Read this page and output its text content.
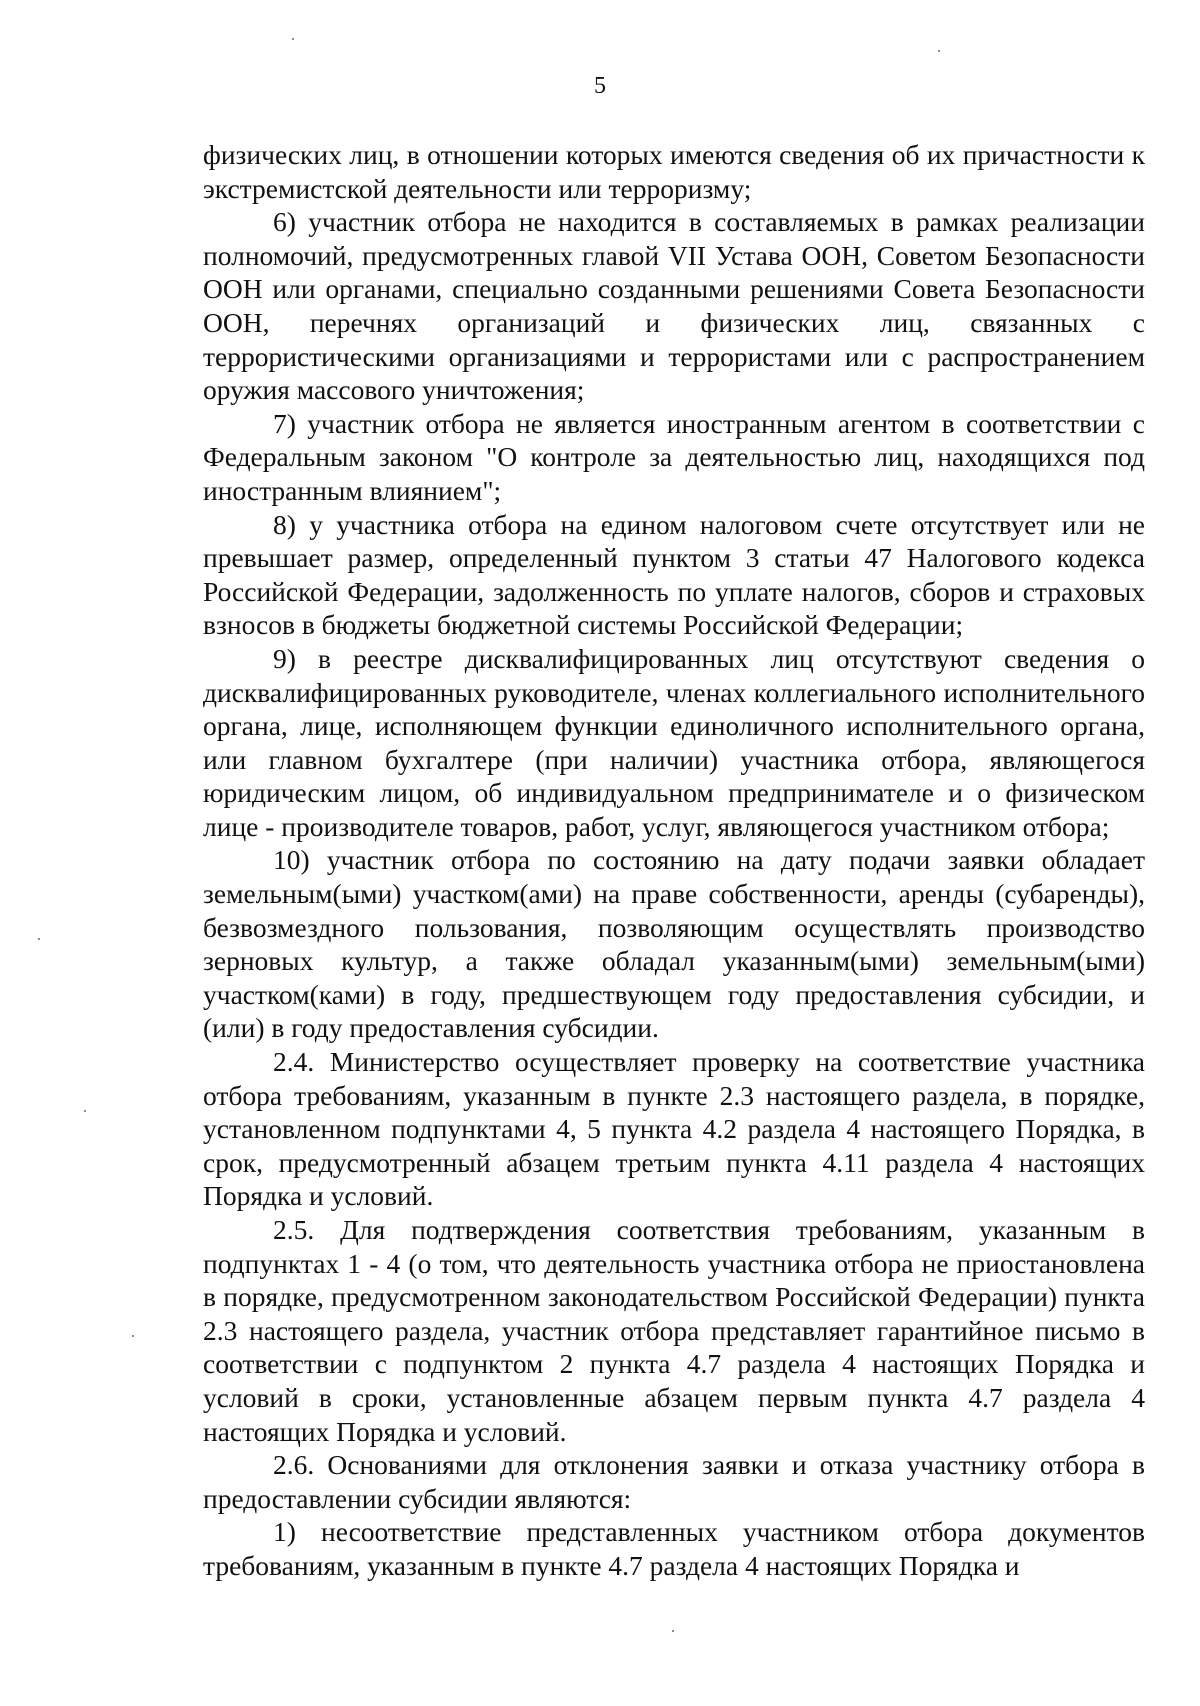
5

физических лиц, в отношении которых имеются сведения об их причастности к экстремистской деятельности или терроризму;

6) участник отбора не находится в составляемых в рамках реализации полномочий, предусмотренных главой VII Устава ООН, Советом Безопасности ООН или органами, специально созданными решениями Совета Безопасности ООН, перечнях организаций и физических лиц, связанных с террористическими организациями и террористами или с распространением оружия массового уничтожения;

7) участник отбора не является иностранным агентом в соответствии с Федеральным законом "О контроле за деятельностью лиц, находящихся под иностранным влиянием";

8) у участника отбора на едином налоговом счете отсутствует или не превышает размер, определенный пунктом 3 статьи 47 Налогового кодекса Российской Федерации, задолженность по уплате налогов, сборов и страховых взносов в бюджеты бюджетной системы Российской Федерации;

9) в реестре дисквалифицированных лиц отсутствуют сведения о дисквалифицированных руководителе, членах коллегиального исполнительного органа, лице, исполняющем функции единоличного исполнительного органа, или главном бухгалтере (при наличии) участника отбора, являющегося юридическим лицом, об индивидуальном предпринимателе и о физическом лице - производителе товаров, работ, услуг, являющегося участником отбора;

10) участник отбора по состоянию на дату подачи заявки обладает земельным(ыми) участком(ами) на праве собственности, аренды (субаренды), безвозмездного пользования, позволяющим осуществлять производство зерновых культур, а также обладал указанным(ыми) земельным(ыми) участком(ками) в году, предшествующем году предоставления субсидии, и (или) в году предоставления субсидии.

2.4. Министерство осуществляет проверку на соответствие участника отбора требованиям, указанным в пункте 2.3 настоящего раздела, в порядке, установленном подпунктами 4, 5 пункта 4.2 раздела 4 настоящего Порядка, в срок, предусмотренный абзацем третьим пункта 4.11 раздела 4 настоящих Порядка и условий.

2.5. Для подтверждения соответствия требованиям, указанным в подпунктах 1 - 4 (о том, что деятельность участника отбора не приостановлена в порядке, предусмотренном законодательством Российской Федерации) пункта 2.3 настоящего раздела, участник отбора представляет гарантийное письмо в соответствии с подпунктом 2 пункта 4.7 раздела 4 настоящих Порядка и условий в сроки, установленные абзацем первым пункта 4.7 раздела 4 настоящих Порядка и условий.

2.6. Основаниями для отклонения заявки и отказа участнику отбора в предоставлении субсидии являются:

1) несоответствие представленных участником отбора документов требованиям, указанным в пункте 4.7 раздела 4 настоящих Порядка и
